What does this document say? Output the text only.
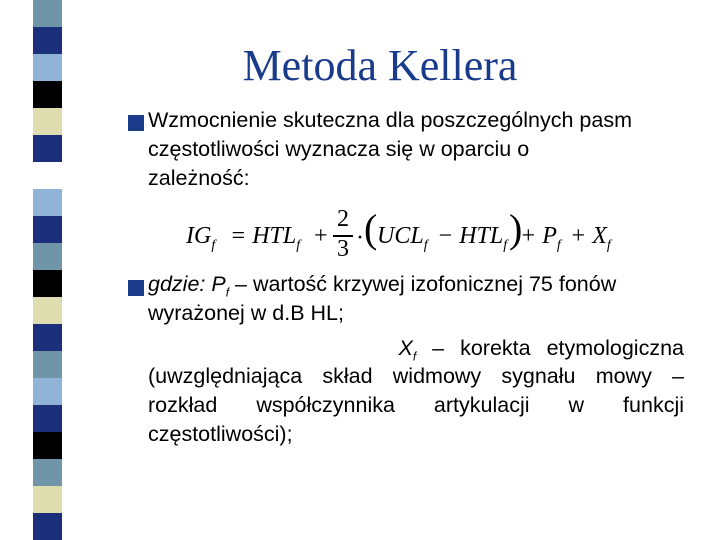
Metoda Kellera
Wzmocnienie skuteczna dla poszczególnych pasm
częstotliwości wyznacza się w oparciu o
zależność:
$IG_f = HTL_f$ + · ( $UCL_f - HTL_f$ )
+ $P_f + X_f$
2
3
gdzie: $P_f$ – wartość krzywej izofonicznej 75 fonów
wyrażonej w d.B HL;
$X_f$ – korekta etymologiczna
(uwzględniająca skład widmowy sygnału mowy –
rozkład współczynnika artykulacji w funkcji
częstotliwości);
